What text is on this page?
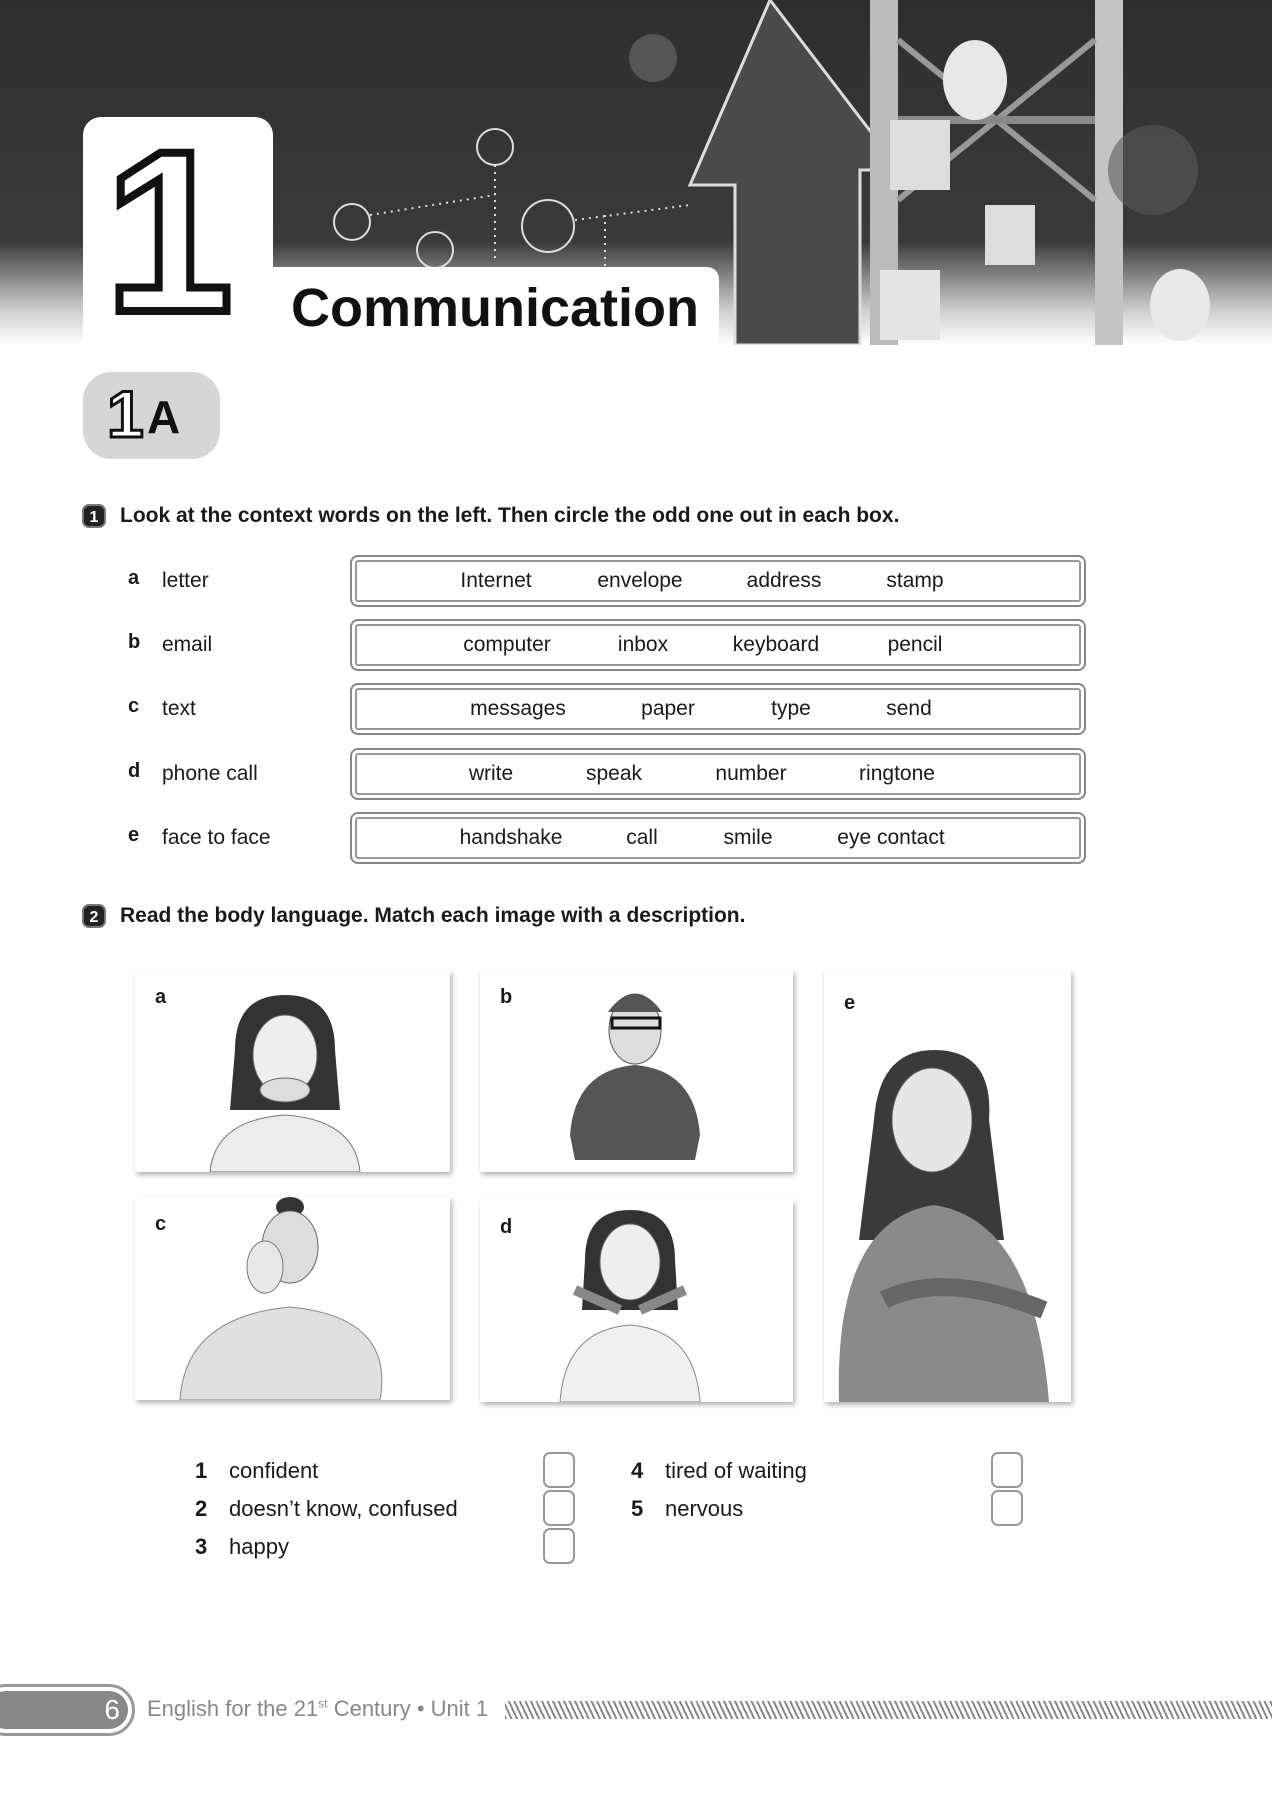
1 Communication
1 A
1 Look at the context words on the left. Then circle the odd one out in each box.
a letter	Internet	envelope	address	stamp
b email	computer	inbox	keyboard	pencil
c text	messages	paper	type	send
d phone call	write	speak	number	ringtone
e face to face	handshake	call	smile	eye contact
2 Read the body language. Match each image with a description.
a	b	e
c	d
1 confident
2 doesn’t know, confused
3 happy
4 tired of waiting
5 nervous
6 English for the 21st Century • Unit 1
